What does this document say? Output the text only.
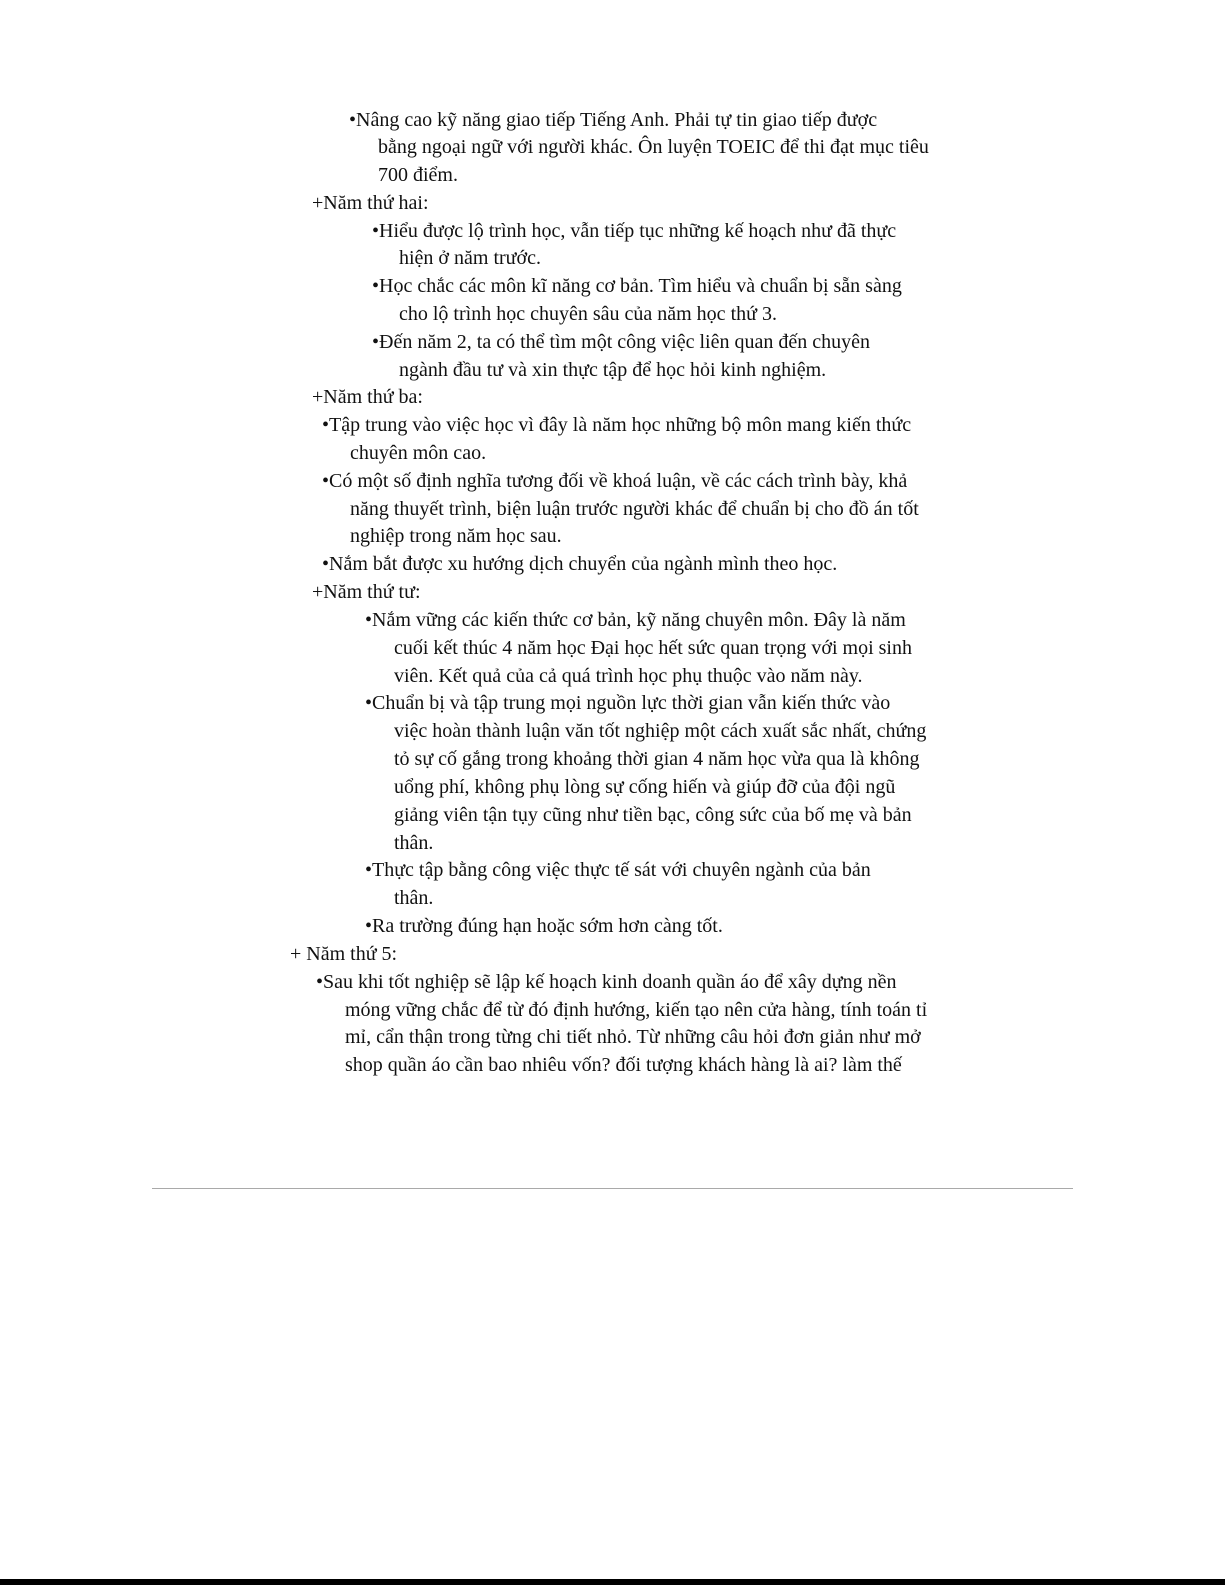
•Nâng cao kỹ năng giao tiếp Tiếng Anh. Phải tự tin giao tiếp được
bằng ngoại ngữ với người khác. Ôn luyện TOEIC để thi đạt mục tiêu
700 điểm.
+Năm thứ hai:
•Hiểu được lộ trình học, vẫn tiếp tục những kế hoạch như đã thực
hiện ở năm trước.
•Học chắc các môn kĩ năng cơ bản. Tìm hiểu và chuẩn bị sẵn sàng
cho lộ trình học chuyên sâu của năm học thứ 3.
•Đến năm 2, ta có thể tìm một công việc liên quan đến chuyên
ngành đầu tư và xin thực tập để học hỏi kinh nghiệm.
+Năm thứ ba:
•Tập trung vào việc học vì đây là năm học những bộ môn mang kiến thức
chuyên môn cao.
•Có một số định nghĩa tương đối về khoá luận, về các cách trình bày, khả
năng thuyết trình, biện luận trước người khác để chuẩn bị cho đồ án tốt
nghiệp trong năm học sau.
•Nắm bắt được xu hướng dịch chuyển của ngành mình theo học.
+Năm thứ tư:
•Nắm vững các kiến thức cơ bản, kỹ năng chuyên môn. Đây là năm
cuối kết thúc 4 năm học Đại học hết sức quan trọng với mọi sinh
viên. Kết quả của cả quá trình học phụ thuộc vào năm này.
•Chuẩn bị và tập trung mọi nguồn lực thời gian vẫn kiến thức vào
việc hoàn thành luận văn tốt nghiệp một cách xuất sắc nhất, chứng
tỏ sự cố gắng trong khoảng thời gian 4 năm học vừa qua là không
uổng phí, không phụ lòng sự cống hiến và giúp đỡ của đội ngũ
giảng viên tận tụy cũng như tiền bạc, công sức của bố mẹ và bản
thân.
•Thực tập bằng công việc thực tế sát với chuyên ngành của bản
thân.
•Ra trường đúng hạn hoặc sớm hơn càng tốt.
+ Năm thứ 5:
•Sau khi tốt nghiệp sẽ lập kế hoạch kinh doanh quần áo để xây dựng nền
móng vững chắc để từ đó định hướng, kiến tạo nên cửa hàng, tính toán tỉ
mỉ, cẩn thận trong từng chi tiết nhỏ. Từ những câu hỏi đơn giản như mở
shop quần áo cần bao nhiêu vốn? đối tượng khách hàng là ai? làm thế
